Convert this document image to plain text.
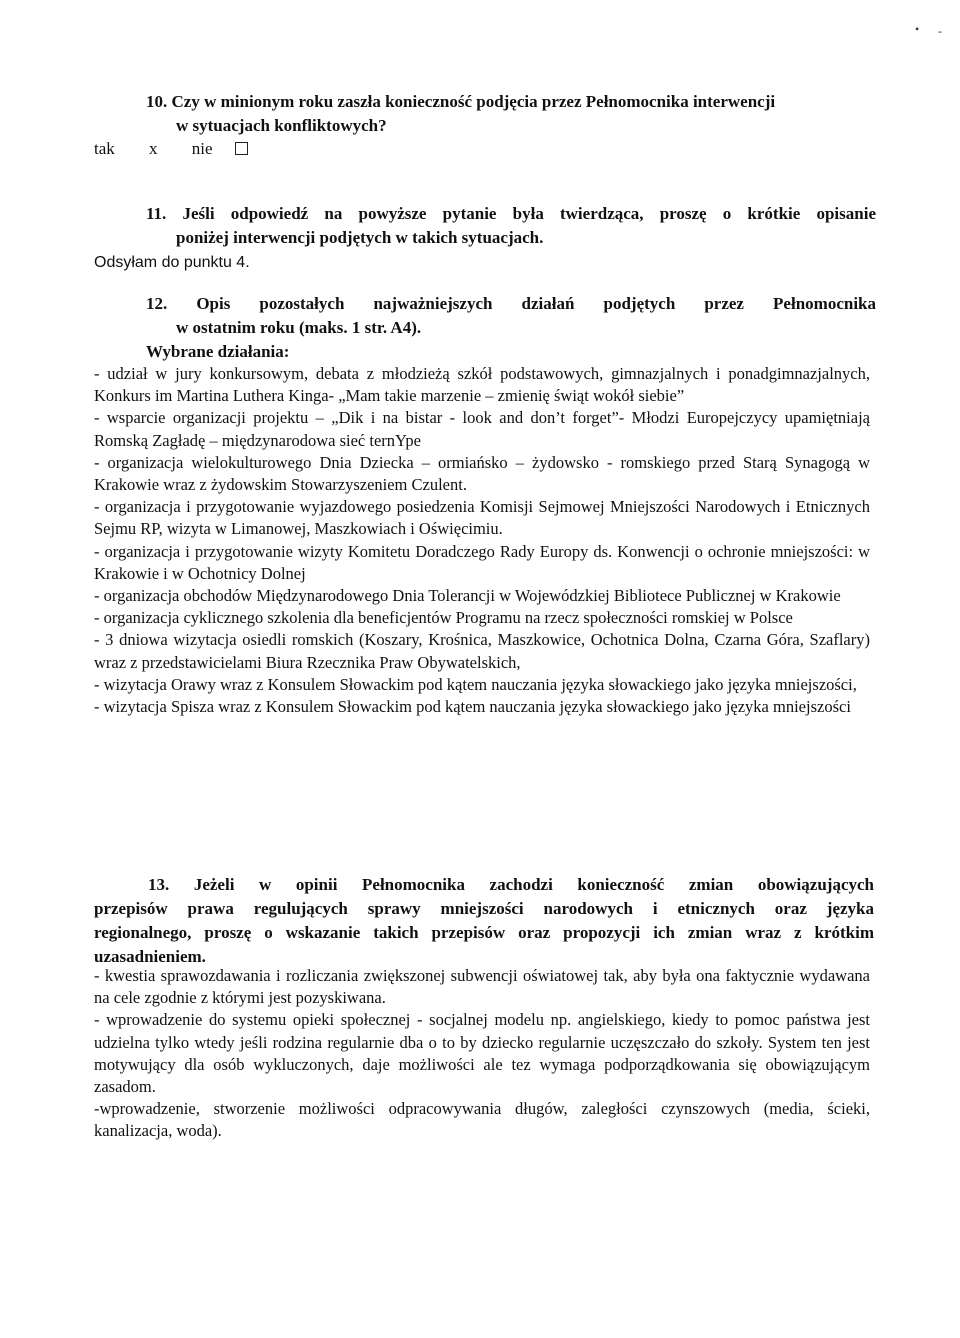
10. Czy w minionym roku zaszła konieczność podjęcia przez Pełnomocnika interwencji
w sytuacjach konfliktowych?
tak x nie
11. Jeśli odpowiedź na powyższe pytanie była twierdząca, proszę o krótkie opisanie
poniżej interwencji podjętych w takich sytuacjach.
Odsyłam do punktu 4.
12. Opis pozostałych najważniejszych działań podjętych przez Pełnomocnika
w ostatnim roku (maks. 1 str. A4).
Wybrane działania:
- udział w jury konkursowym, debata z młodzieżą szkół podstawowych, gimnazjalnych i ponadgimnazjalnych, Konkurs im Martina Luthera Kinga- „Mam takie marzenie – zmienię świąt wokół siebie”
- wsparcie organizacji projektu – „Dik i na bistar - look and don’t forget”- Młodzi Europejczycy upamiętniają Romską Zagładę – międzynarodowa sieć ternYpe
- organizacja wielokulturowego Dnia Dziecka – ormiańsko – żydowsko - romskiego przed Starą Synagogą w Krakowie wraz z żydowskim Stowarzyszeniem Czulent.
- organizacja i przygotowanie wyjazdowego posiedzenia Komisji Sejmowej Mniejszości Narodowych i Etnicznych Sejmu RP, wizyta w Limanowej, Maszkowiach i Oświęcimiu.
- organizacja i przygotowanie wizyty Komitetu Doradczego Rady Europy ds. Konwencji o ochronie mniejszości: w Krakowie i w Ochotnicy Dolnej
- organizacja obchodów Międzynarodowego Dnia Tolerancji w Wojewódzkiej Bibliotece Publicznej w Krakowie
- organizacja cyklicznego szkolenia dla beneficjentów Programu na rzecz społeczności romskiej w Polsce
- 3 dniowa wizytacja osiedli romskich (Koszary, Krośnica, Maszkowice, Ochotnica Dolna, Czarna Góra, Szaflary) wraz z przedstawicielami Biura Rzecznika Praw Obywatelskich,
- wizytacja Orawy wraz z Konsulem Słowackim pod kątem nauczania języka słowackiego jako języka mniejszości,
- wizytacja Spisza wraz z Konsulem Słowackim pod kątem nauczania języka słowackiego jako języka mniejszości
13. Jeżeli w opinii Pełnomocnika zachodzi konieczność zmian obowiązujących
przepisów prawa regulujących sprawy mniejszości narodowych i etnicznych oraz języka
regionalnego, proszę o wskazanie takich przepisów oraz propozycji ich zmian wraz z krótkim
uzasadnieniem.
- kwestia sprawozdawania i rozliczania zwiększonej subwencji oświatowej tak, aby była ona faktycznie wydawana na cele zgodnie z którymi jest pozyskiwana.
- wprowadzenie do systemu opieki społecznej - socjalnej modelu np. angielskiego, kiedy to pomoc państwa jest udzielna tylko wtedy jeśli rodzina regularnie dba o to by dziecko regularnie uczęszczało do szkoły. System ten jest motywujący dla osób wykluczonych, daje możliwości ale tez wymaga podporządkowania się obowiązującym zasadom.
-wprowadzenie, stworzenie możliwości odpracowywania długów, zaległości czynszowych (media, ścieki, kanalizacja, woda).
• -
